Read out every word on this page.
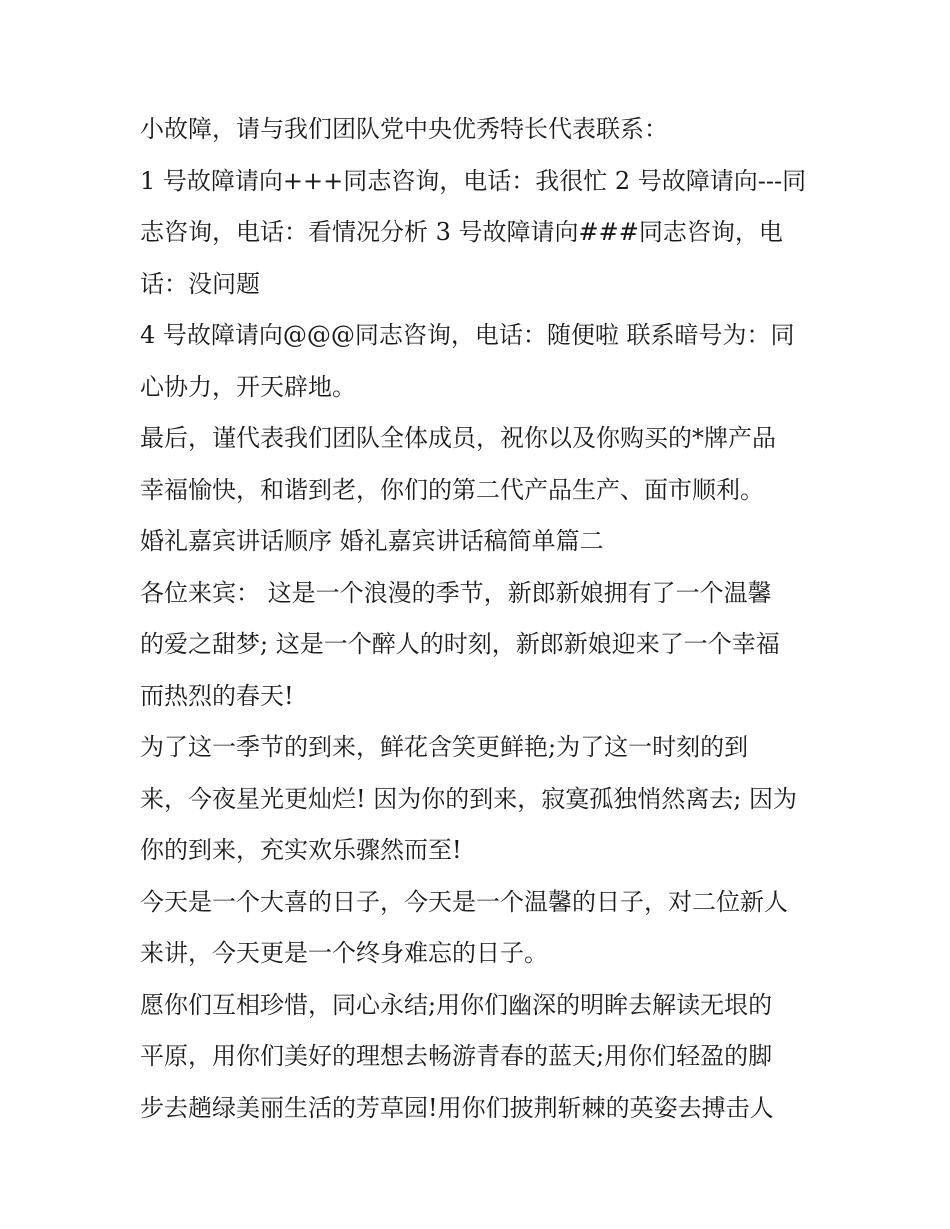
小故障，请与我们团队党中央优秀特长代表联系：
1 号故障请向+++同志咨询，电话：我很忙 2 号故障请向---同
志咨询，电话：看情况分析 3 号故障请向###同志咨询，电
话：没问题
4 号故障请向@@@同志咨询，电话：随便啦 联系暗号为：同
心协力，开天辟地。
最后，谨代表我们团队全体成员，祝你以及你购买的*牌产品
幸福愉快，和谐到老，你们的第二代产品生产、面市顺利。
婚礼嘉宾讲话顺序 婚礼嘉宾讲话稿简单篇二
各位来宾： 这是一个浪漫的季节，新郎新娘拥有了一个温馨
的爱之甜梦; 这是一个醉人的时刻，新郎新娘迎来了一个幸福
而热烈的春天!
为了这一季节的到来，鲜花含笑更鲜艳;为了这一时刻的到
来，今夜星光更灿烂! 因为你的到来，寂寞孤独悄然离去; 因为
你的到来，充实欢乐骤然而至!
今天是一个大喜的日子，今天是一个温馨的日子，对二位新人
来讲，今天更是一个终身难忘的日子。
愿你们互相珍惜，同心永结;用你们幽深的明眸去解读无垠的
平原，用你们美好的理想去畅游青春的蓝天;用你们轻盈的脚
步去趟绿美丽生活的芳草园!用你们披荆斩棘的英姿去搏击人
